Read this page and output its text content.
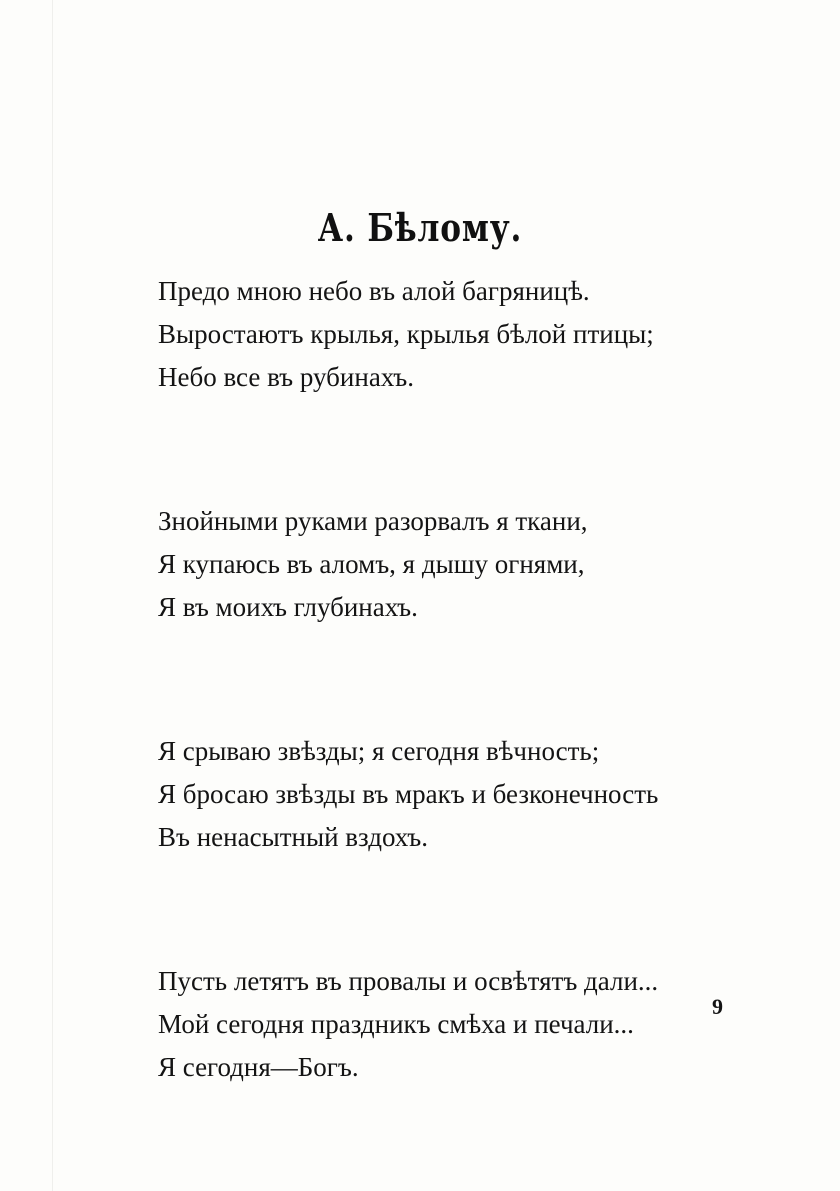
А. Бѣлому.
Предо мною небо въ алой багряницѣ.
Выростаютъ крылья, крылья бѣлой птицы;
Небо все въ рубинахъ.
Знойными руками разорвалъ я ткани,
Я купаюсь въ аломъ, я дышу огнями,
Я въ моихъ глубинахъ.
Я срываю звѣзды; я сегодня вѣчность;
Я бросаю звѣзды въ мракъ и безконечность
Въ ненасытный вздохъ.
Пусть летятъ въ провалы и освѣтятъ дали...
Мой сегодня праздникъ смѣха и печали...
Я сегодня—Богъ.
9
